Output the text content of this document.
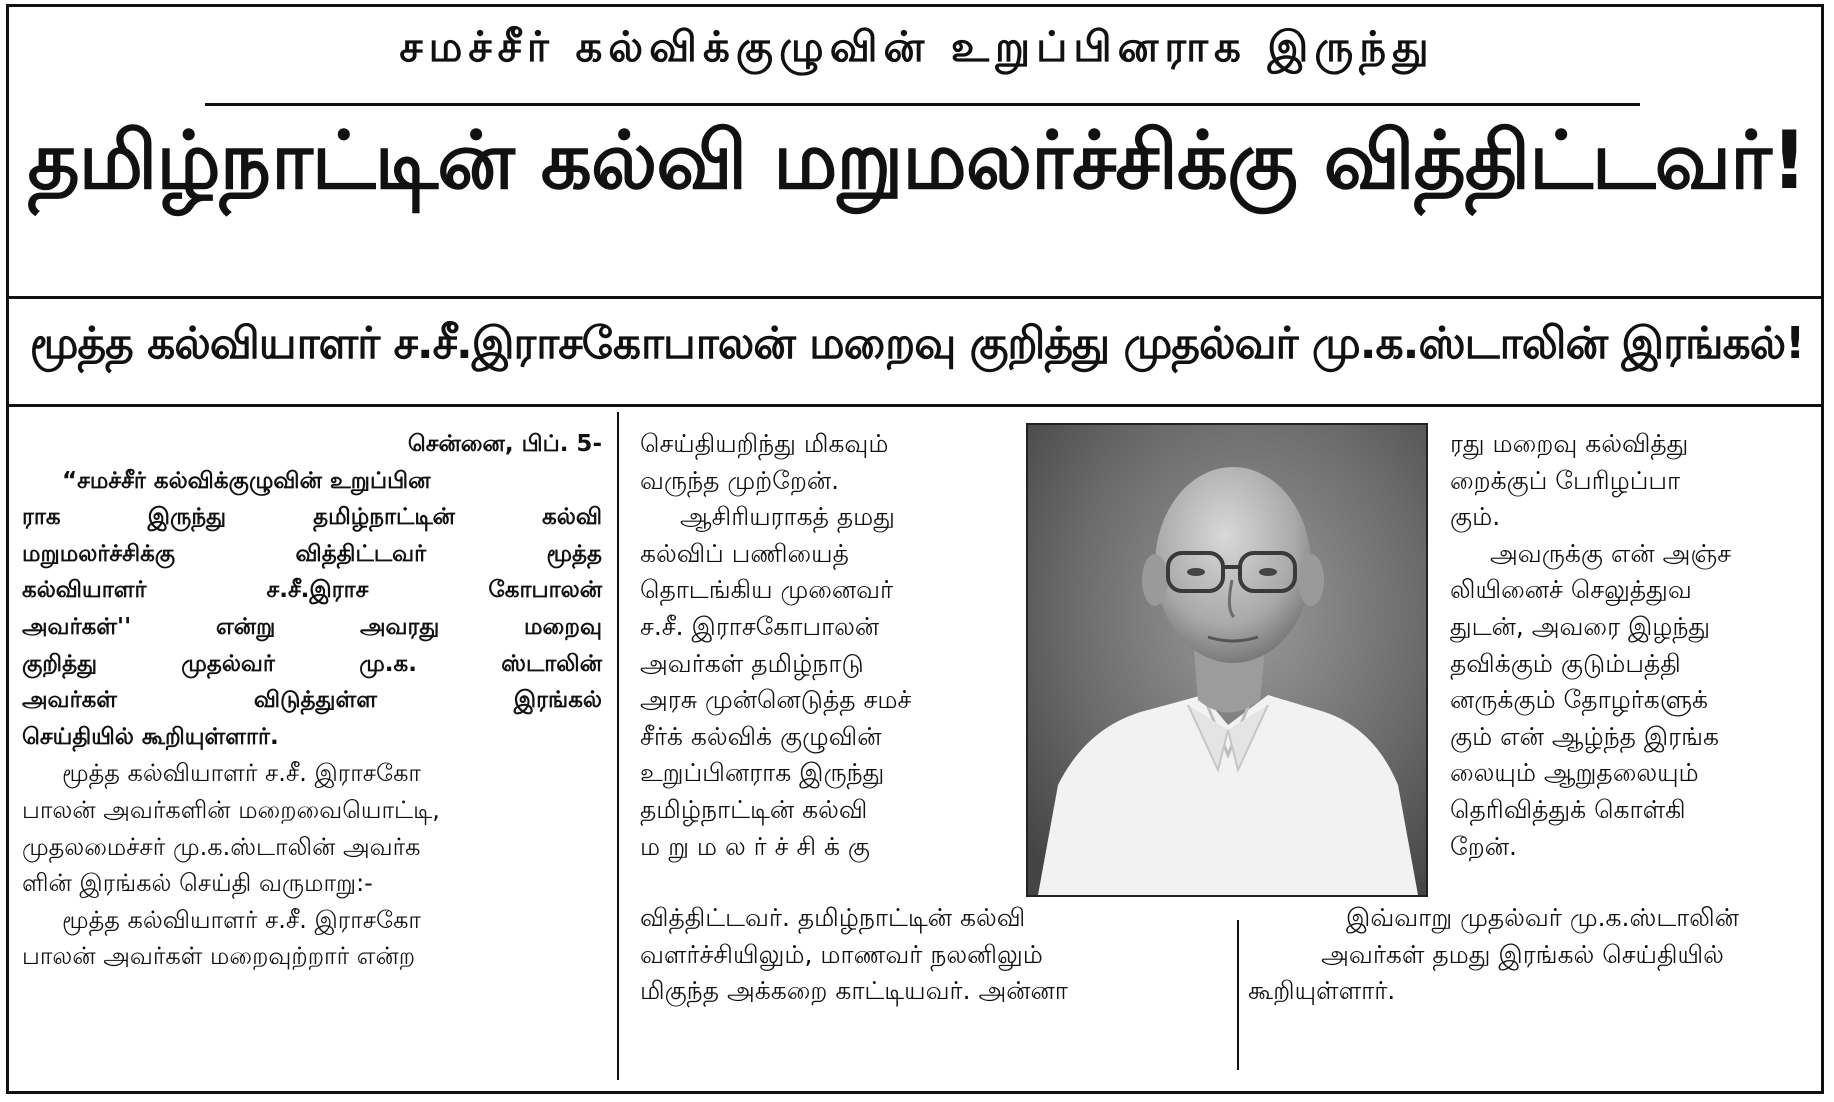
சமச்சீர் கல்விக்குழுவின் உறுப்பினராக இருந்து
தமிழ்நாட்டின் கல்வி மறுமலர்ச்சிக்கு வித்திட்டவர்!
மூத்த கல்வியாளர் ச.சீ.இராசகோபாலன் மறைவு குறித்து முதல்வர் மு.க.ஸ்டாலின் இரங்கல்!

சென்னை, பிப். 5-

“சமச்சீர் கல்விக்குழுவின் உறுப்பின

ராக இருந்து தமிழ்நாட்டின் கல்வி

மறுமலர்ச்சிக்கு வித்திட்டவர் மூத்த

கல்வியாளர் ச.சீ.இராச கோபாலன்

அவர்கள்'' என்று அவரது மறைவு

குறித்து முதல்வர் மு.க. ஸ்டாலின்

அவர்கள் விடுத்துள்ள இரங்கல்

செய்தியில் கூறியுள்ளார்.

மூத்த கல்வியாளர் ச.சீ. இராசகோ

பாலன் அவர்களின் மறைவையொட்டி,

முதலமைச்சர் மு.க.ஸ்டாலின் அவர்க

ளின் இரங்கல் செய்தி வருமாறு:-

மூத்த கல்வியாளர் ச.சீ. இராசகோ

பாலன் அவர்கள் மறைவுற்றார் என்ற

செய்தியறிந்து மிகவும்

வருந்த முற்றேன்.

ஆசிரியராகத் தமது

கல்விப் பணியைத்

தொடங்கிய முனைவர்

ச.சீ. இராசகோபாலன்

அவர்கள் தமிழ்நாடு

அரசு முன்னெடுத்த சமச்

சீர்க் கல்விக் குழுவின்

உறுப்பினராக இருந்து

தமிழ்நாட்டின் கல்வி

ம று ம ல ர் ச் சி க் கு

வித்திட்டவர். தமிழ்நாட்டின் கல்வி

வளர்ச்சியிலும், மாணவர் நலனிலும்

மிகுந்த அக்கறை காட்டியவர். அன்னா

ரது மறைவு கல்வித்து

றைக்குப் பேரிழப்பா

கும்.

அவருக்கு என் அஞ்ச

லியினைச் செலுத்துவ

துடன், அவரை இழந்து

தவிக்கும் குடும்பத்தி

னருக்கும் தோழர்களுக்

கும் என் ஆழ்ந்த இரங்க

லையும் ஆறுதலையும்

தெரிவித்துக் கொள்கி

றேன்.

இவ்வாறு முதல்வர் மு.க.ஸ்டாலின்

அவர்கள் தமது இரங்கல் செய்தியில்

கூறியுள்ளார்.
